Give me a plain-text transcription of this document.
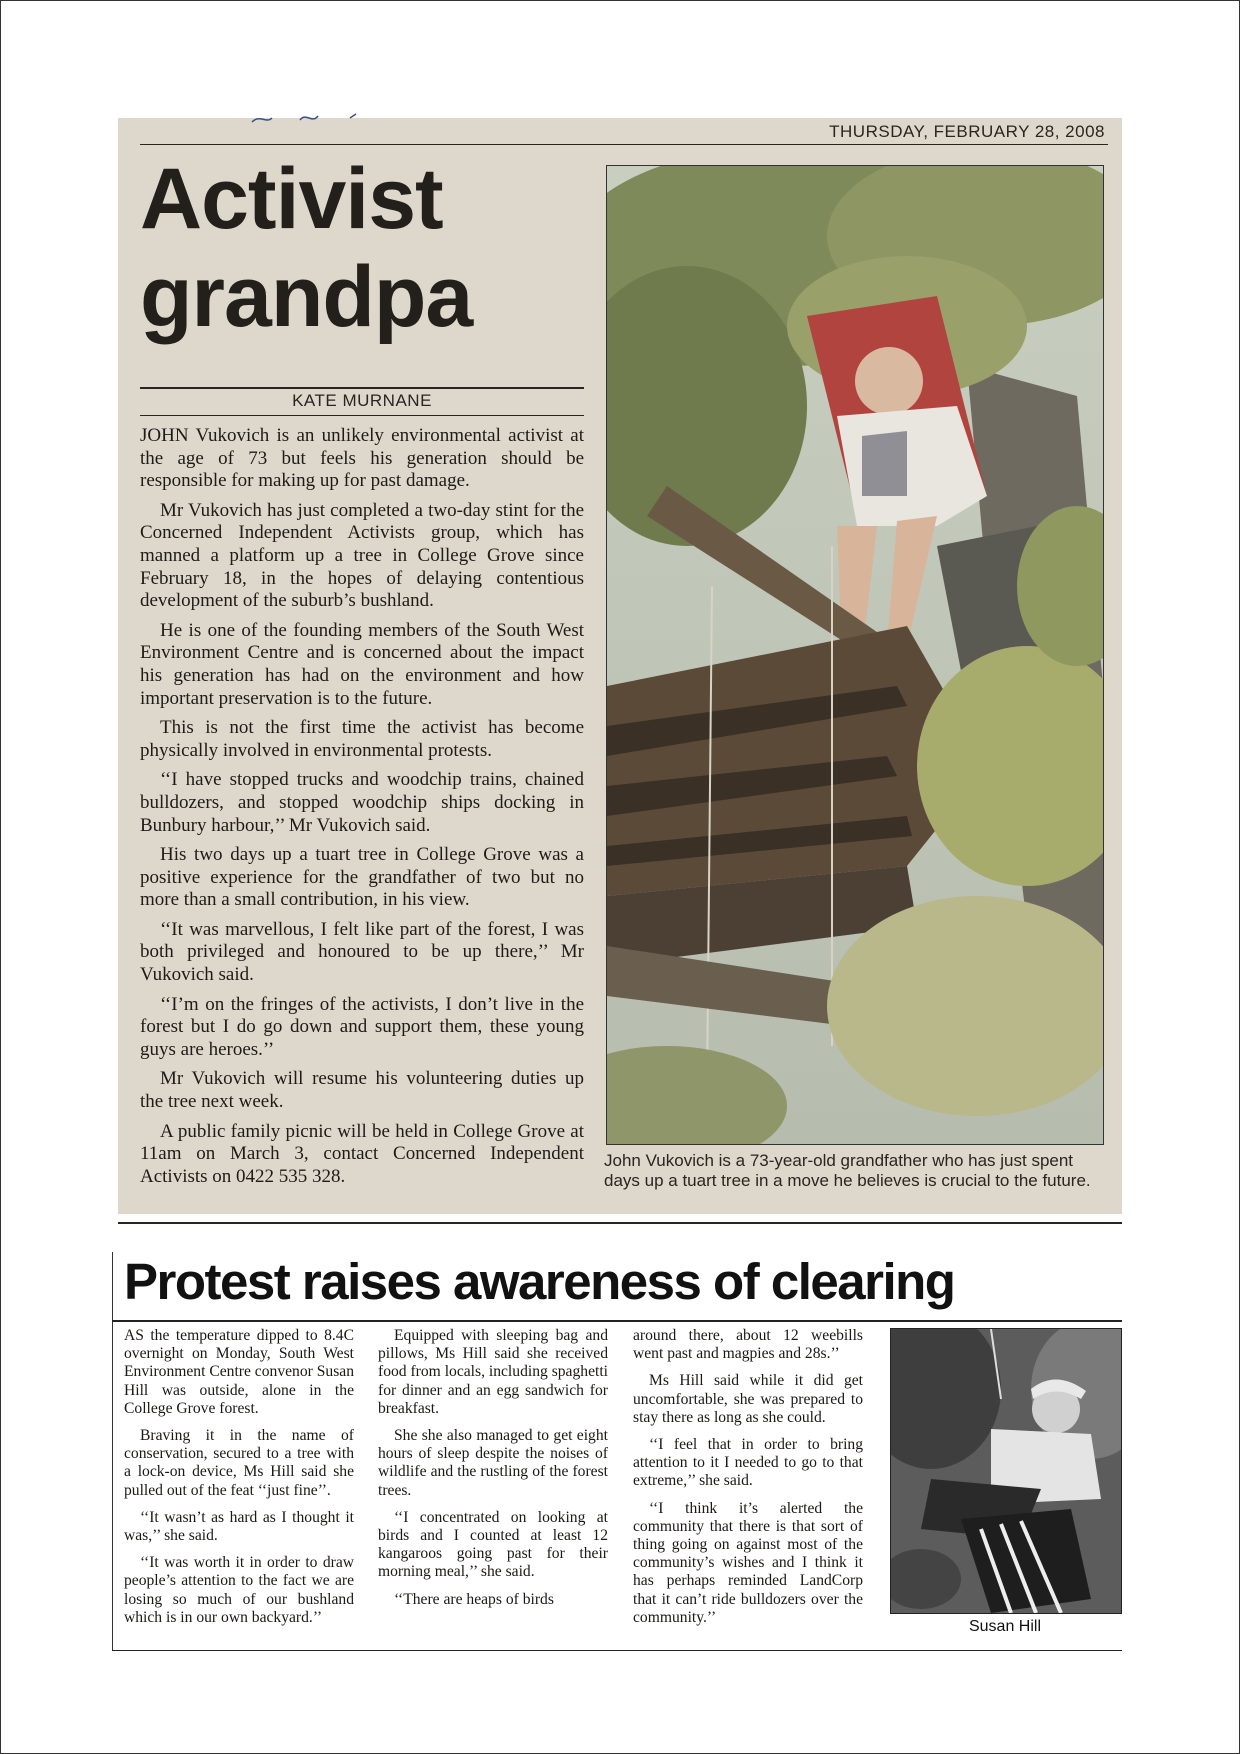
THURSDAY, FEBRUARY 28, 2008
Activist
grandpa
KATE MURNANE

JOHN Vukovich is an unlikely environmental activist at the age of 73 but feels his generation should be responsible for making up for past damage.

Mr Vukovich has just completed a two-day stint for the Concerned Independent Activists group, which has manned a platform up a tree in College Grove since February 18, in the hopes of delaying contentious development of the suburb’s bushland.

He is one of the founding members of the South West Environment Centre and is concerned about the impact his generation has had on the environment and how important preservation is to the future.

This is not the first time the activist has become physically involved in environmental protests.

‘‘I have stopped trucks and woodchip trains, chained bulldozers, and stopped woodchip ships docking in Bunbury harbour,’’ Mr Vukovich said.

His two days up a tuart tree in College Grove was a positive experience for the grandfather of two but no more than a small contribution, in his view.

‘‘It was marvellous, I felt like part of the forest, I was both privileged and honoured to be up there,’’ Mr Vukovich said.

‘‘I’m on the fringes of the activists, I don’t live in the forest but I do go down and support them, these young guys are heroes.’’

Mr Vukovich will resume his volunteering duties up the tree next week.

A public family picnic will be held in College Grove at 11am on March 3, contact Concerned Independent Activists on 0422 535 328.

John Vukovich is a 73-year-old grandfather who has just spent days up a tuart tree in a move he believes is crucial to the future.
Protest raises awareness of clearing

AS the temperature dipped to 8.4C overnight on Monday, South West Environment Centre convenor Susan Hill was outside, alone in the College Grove forest.

Braving it in the name of conservation, secured to a tree with a lock-on device, Ms Hill said she pulled out of the feat ‘‘just fine’’.

‘‘It wasn’t as hard as I thought it was,’’ she said.

‘‘It was worth it in order to draw people’s attention to the fact we are losing so much of our bushland which is in our own backyard.’’

Equipped with sleeping bag and pillows, Ms Hill said she received food from locals, including spaghetti for dinner and an egg sandwich for breakfast.

She she also managed to get eight hours of sleep despite the noises of wildlife and the rustling of the forest trees.

‘‘I concentrated on looking at birds and I counted at least 12 kangaroos going past for their morning meal,’’ she said.

‘‘There are heaps of birds

around there, about 12 weebills went past and magpies and 28s.’’

Ms Hill said while it did get uncomfortable, she was prepared to stay there as long as she could.

‘‘I feel that in order to bring attention to it I needed to go to that extreme,’’ she said.

‘‘I think it’s alerted the community that there is that sort of thing going on against most of the community’s wishes and I think it has perhaps reminded LandCorp that it can’t ride bulldozers over the community.’’

Susan Hill
